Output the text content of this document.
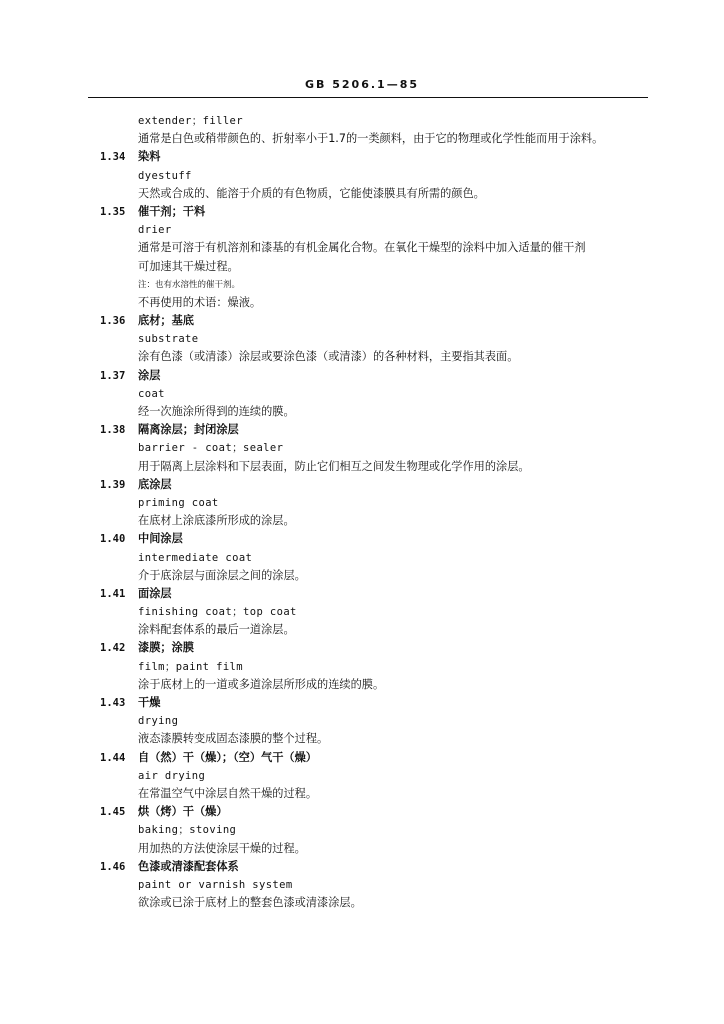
GB 5206.1—85
extender；filler
通常是白色或稍带颜色的、折射率小于1.7的一类颜料，由于它的物理或化学性能而用于涂料。
1.34 染料
dyestuff
天然或合成的、能溶于介质的有色物质，它能使漆膜具有所需的颜色。
1.35 催干剂；干料
drier
通常是可溶于有机溶剂和漆基的有机金属化合物。在氧化干燥型的涂料中加入适量的催干剂
可加速其干燥过程。
注：也有水溶性的催干剂。
不再使用的术语：燥液。
1.36 底材；基底
substrate
涂有色漆（或清漆）涂层或要涂色漆（或清漆）的各种材料，主要指其表面。
1.37 涂层
coat
经一次施涂所得到的连续的膜。
1.38 隔离涂层；封闭涂层
barrier - coat；sealer
用于隔离上层涂料和下层表面，防止它们相互之间发生物理或化学作用的涂层。
1.39 底涂层
priming coat
在底材上涂底漆所形成的涂层。
1.40 中间涂层
intermediate coat
介于底涂层与面涂层之间的涂层。
1.41 面涂层
finishing coat；top coat
涂料配套体系的最后一道涂层。
1.42 漆膜；涂膜
film；paint film
涂于底材上的一道或多道涂层所形成的连续的膜。
1.43 干燥
drying
液态漆膜转变成固态漆膜的整个过程。
1.44 自（然）干（燥）；（空）气干（燥）
air drying
在常温空气中涂层自然干燥的过程。
1.45 烘（烤）干（燥）
baking；stoving
用加热的方法使涂层干燥的过程。
1.46 色漆或清漆配套体系
paint or varnish system
欲涂或已涂于底材上的整套色漆或清漆涂层。
